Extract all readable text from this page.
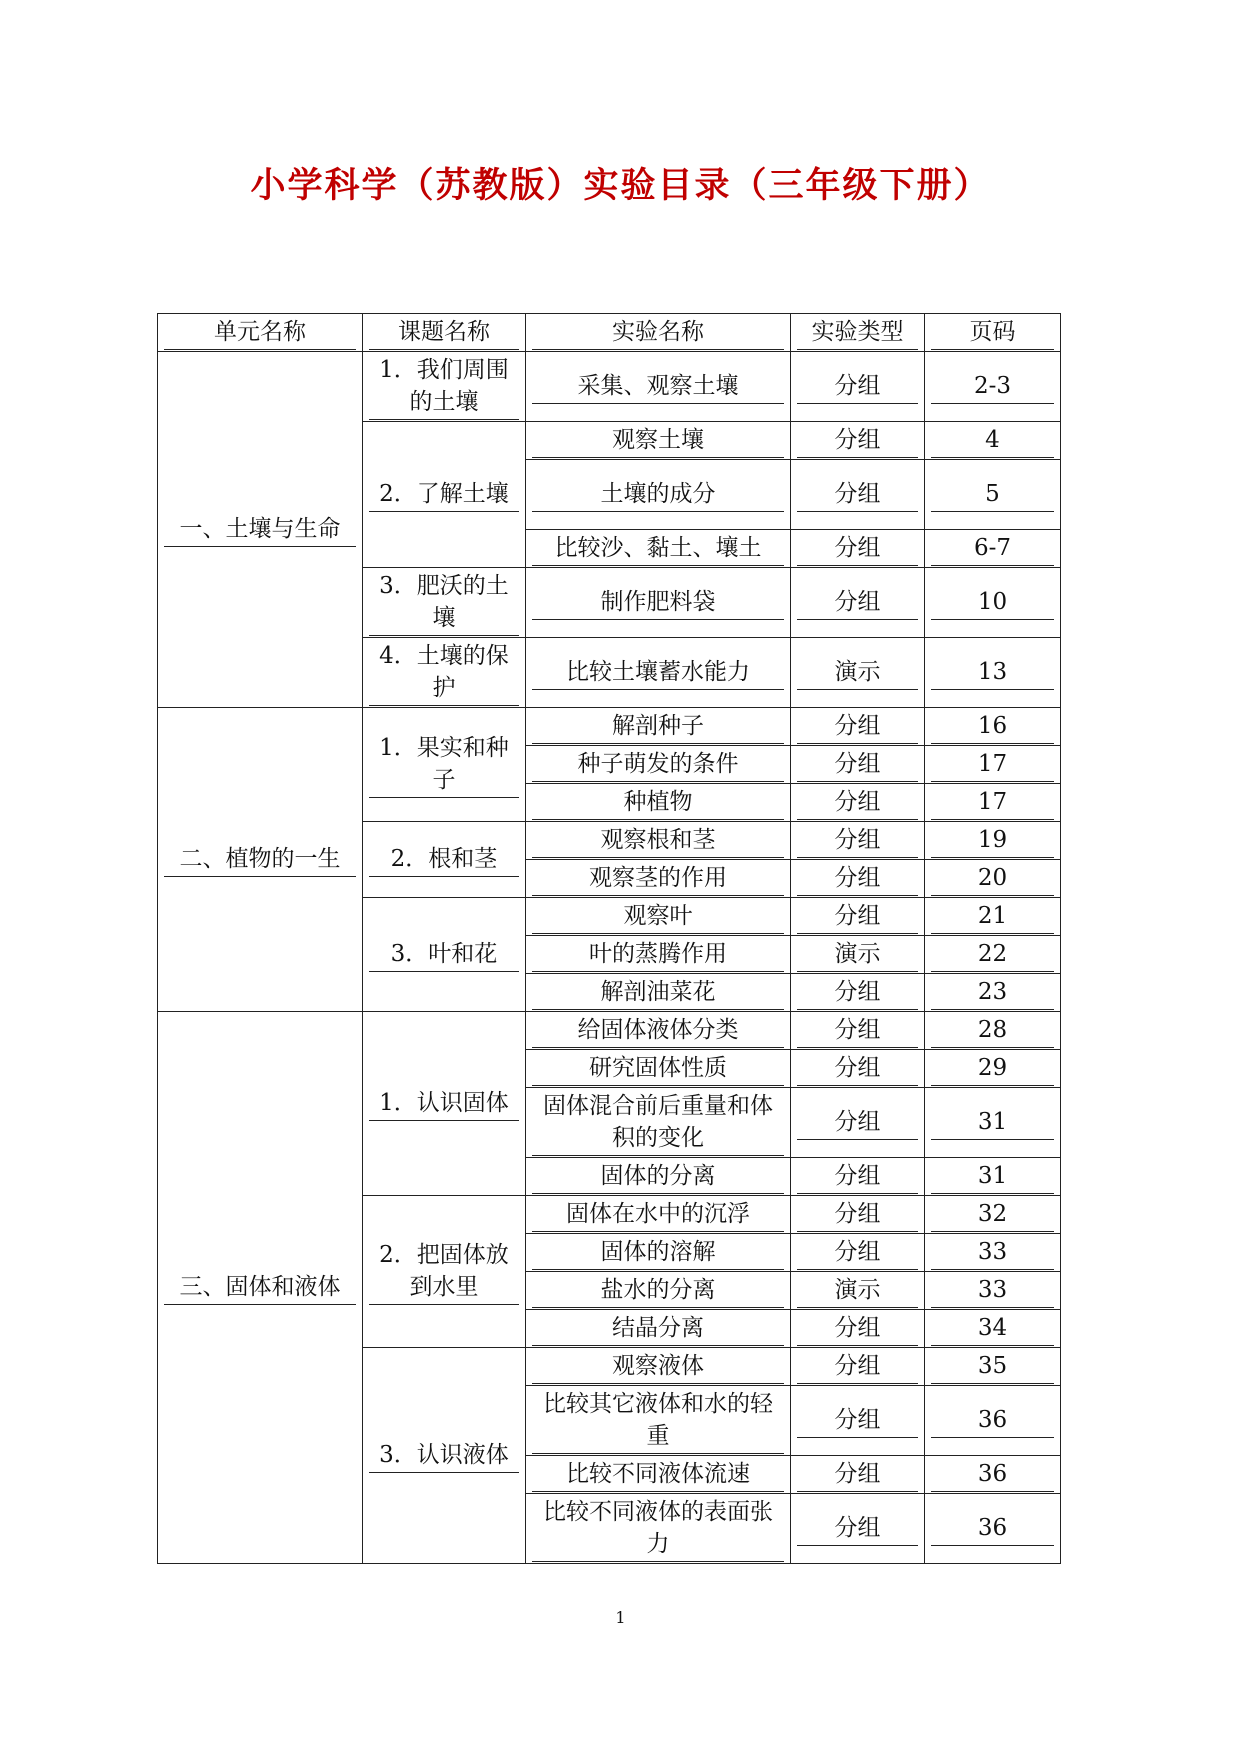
小学科学（苏教版）实验目录（三年级下册）
单元名称	课题名称	实验名称	实验类型	页码
一、土壤与生命	1．我们周围的土壤	采集、观察土壤	分组	2-3
	2．了解土壤	观察土壤	分组	4
		土壤的成分	分组	5
		比较沙、黏土、壤土	分组	6-7
	3．肥沃的土壤	制作肥料袋	分组	10
	4．土壤的保护	比较土壤蓄水能力	演示	13
二、植物的一生	1．果实和种子	解剖种子	分组	16
		种子萌发的条件	分组	17
		种植物	分组	17
	2．根和茎	观察根和茎	分组	19
		观察茎的作用	分组	20
	3．叶和花	观察叶	分组	21
		叶的蒸腾作用	演示	22
		解剖油菜花	分组	23
三、固体和液体	1．认识固体	给固体液体分类	分组	28
		研究固体性质	分组	29
		固体混合前后重量和体积的变化	分组	31
		固体的分离	分组	31
	2．把固体放到水里	固体在水中的沉浮	分组	32
		固体的溶解	分组	33
		盐水的分离	演示	33
		结晶分离	分组	34
	3．认识液体	观察液体	分组	35
		比较其它液体和水的轻重	分组	36
		比较不同液体流速	分组	36
		比较不同液体的表面张力	分组	36
1
